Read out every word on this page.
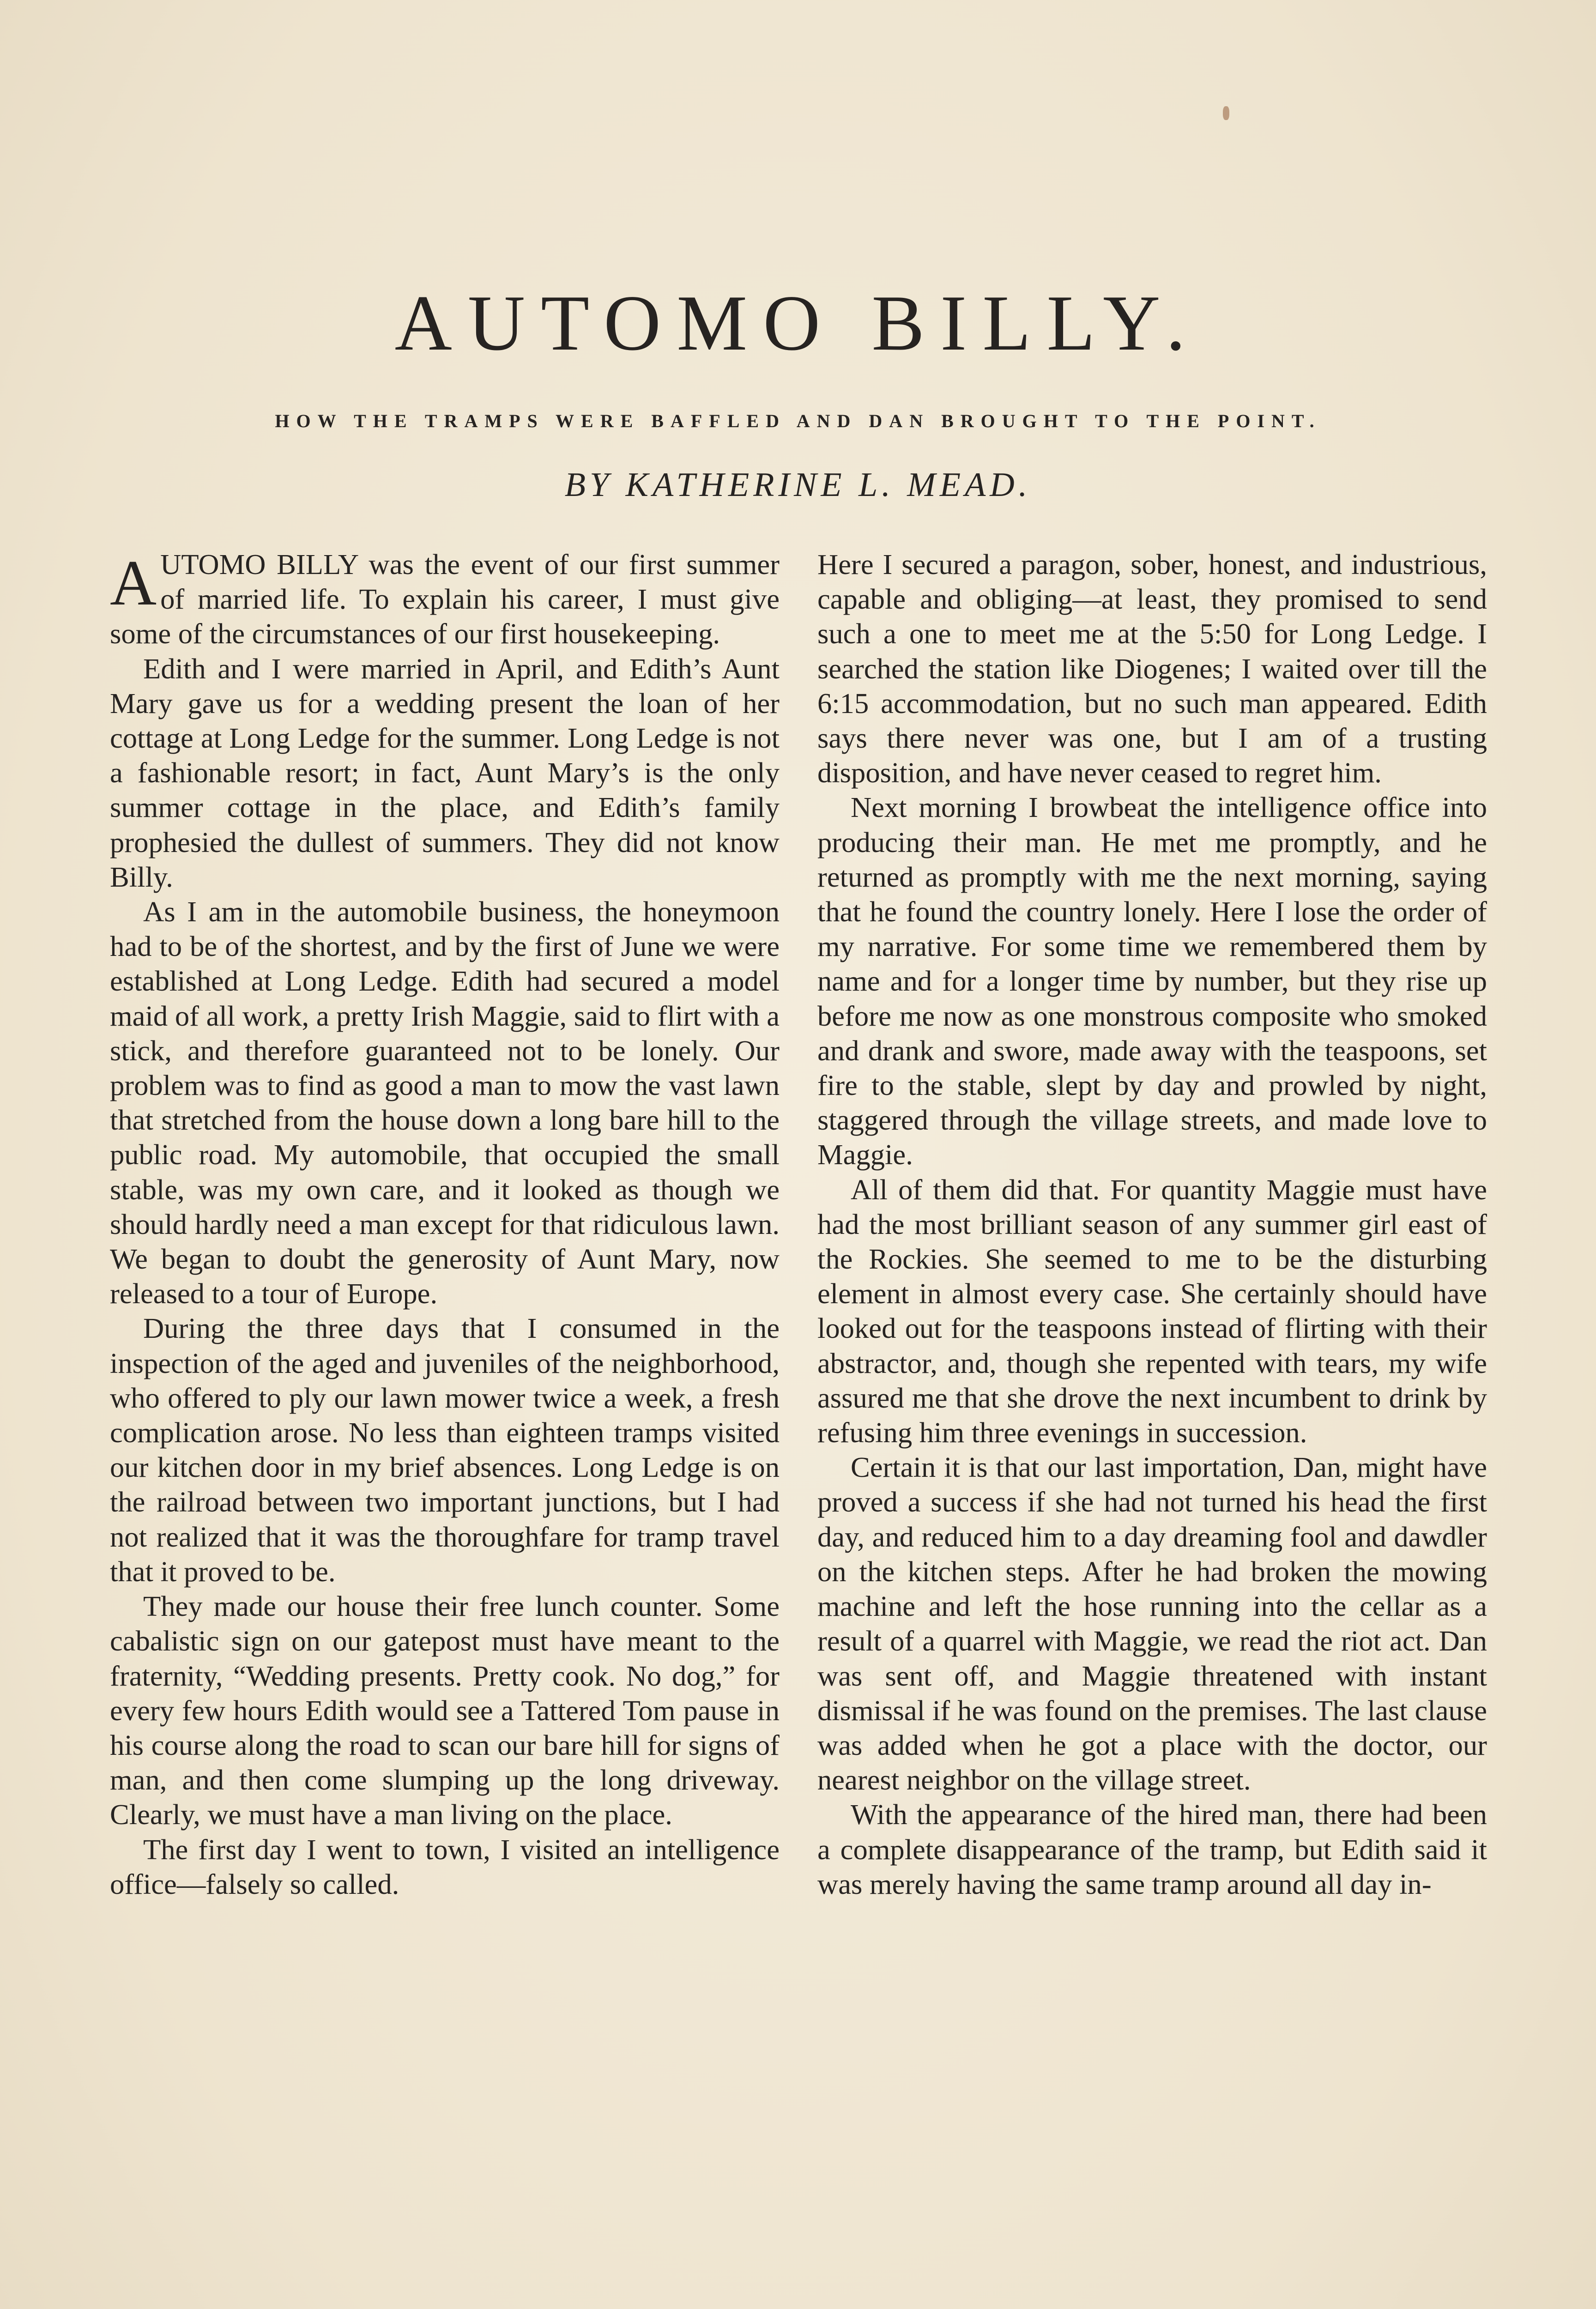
AUTOMO BILLY.
HOW THE TRAMPS WERE BAFFLED AND DAN BROUGHT TO THE POINT.
BY KATHERINE L. MEAD.

AUTOMO BILLY was the event of our first summer of married life. To explain his career, I must give some of the circumstances of our first housekeeping.

Edith and I were married in April, and Edith’s Aunt Mary gave us for a wedding present the loan of her cottage at Long Ledge for the summer. Long Ledge is not a fashionable resort; in fact, Aunt Mary’s is the only summer cottage in the place, and Edith’s family prophesied the dullest of summers. They did not know Billy.

As I am in the automobile business, the honeymoon had to be of the shortest, and by the first of June we were established at Long Ledge. Edith had secured a model maid of all work, a pretty Irish Maggie, said to flirt with a stick, and therefore guaranteed not to be lonely. Our problem was to find as good a man to mow the vast lawn that stretched from the house down a long bare hill to the public road. My automobile, that occupied the small stable, was my own care, and it looked as though we should hardly need a man except for that ridiculous lawn. We began to doubt the generosity of Aunt Mary, now released to a tour of Europe.

During the three days that I consumed in the inspection of the aged and juveniles of the neighborhood, who offered to ply our lawn mower twice a week, a fresh complication arose. No less than eighteen tramps visited our kitchen door in my brief absences. Long Ledge is on the railroad between two important junctions, but I had not realized that it was the thoroughfare for tramp travel that it proved to be.

They made our house their free lunch counter. Some cabalistic sign on our gatepost must have meant to the fraternity, “Wedding presents. Pretty cook. No dog,” for every few hours Edith would see a Tattered Tom pause in his course along the road to scan our bare hill for signs of man, and then come slumping up the long driveway. Clearly, we must have a man living on the place.

The first day I went to town, I visited an intelligence office—falsely so called.

Here I secured a paragon, sober, honest, and industrious, capable and obliging—at least, they promised to send such a one to meet me at the 5:50 for Long Ledge. I searched the station like Diogenes; I waited over till the 6:15 accommodation, but no such man appeared. Edith says there never was one, but I am of a trusting disposition, and have never ceased to regret him.

Next morning I browbeat the intelligence office into producing their man. He met me promptly, and he returned as promptly with me the next morning, saying that he found the country lonely. Here I lose the order of my narrative. For some time we remembered them by name and for a longer time by number, but they rise up before me now as one monstrous composite who smoked and drank and swore, made away with the teaspoons, set fire to the stable, slept by day and prowled by night, staggered through the village streets, and made love to Maggie.

All of them did that. For quantity Maggie must have had the most brilliant season of any summer girl east of the Rockies. She seemed to me to be the disturbing element in almost every case. She certainly should have looked out for the teaspoons instead of flirting with their abstractor, and, though she repented with tears, my wife assured me that she drove the next incumbent to drink by refusing him three evenings in succession.

Certain it is that our last importation, Dan, might have proved a success if she had not turned his head the first day, and reduced him to a day dreaming fool and dawdler on the kitchen steps. After he had broken the mowing machine and left the hose running into the cellar as a result of a quarrel with Maggie, we read the riot act. Dan was sent off, and Maggie threatened with instant dismissal if he was found on the premises. The last clause was added when he got a place with the doctor, our nearest neighbor on the village street.

With the appearance of the hired man, there had been a complete disappearance of the tramp, but Edith said it was merely having the same tramp around all day in-
